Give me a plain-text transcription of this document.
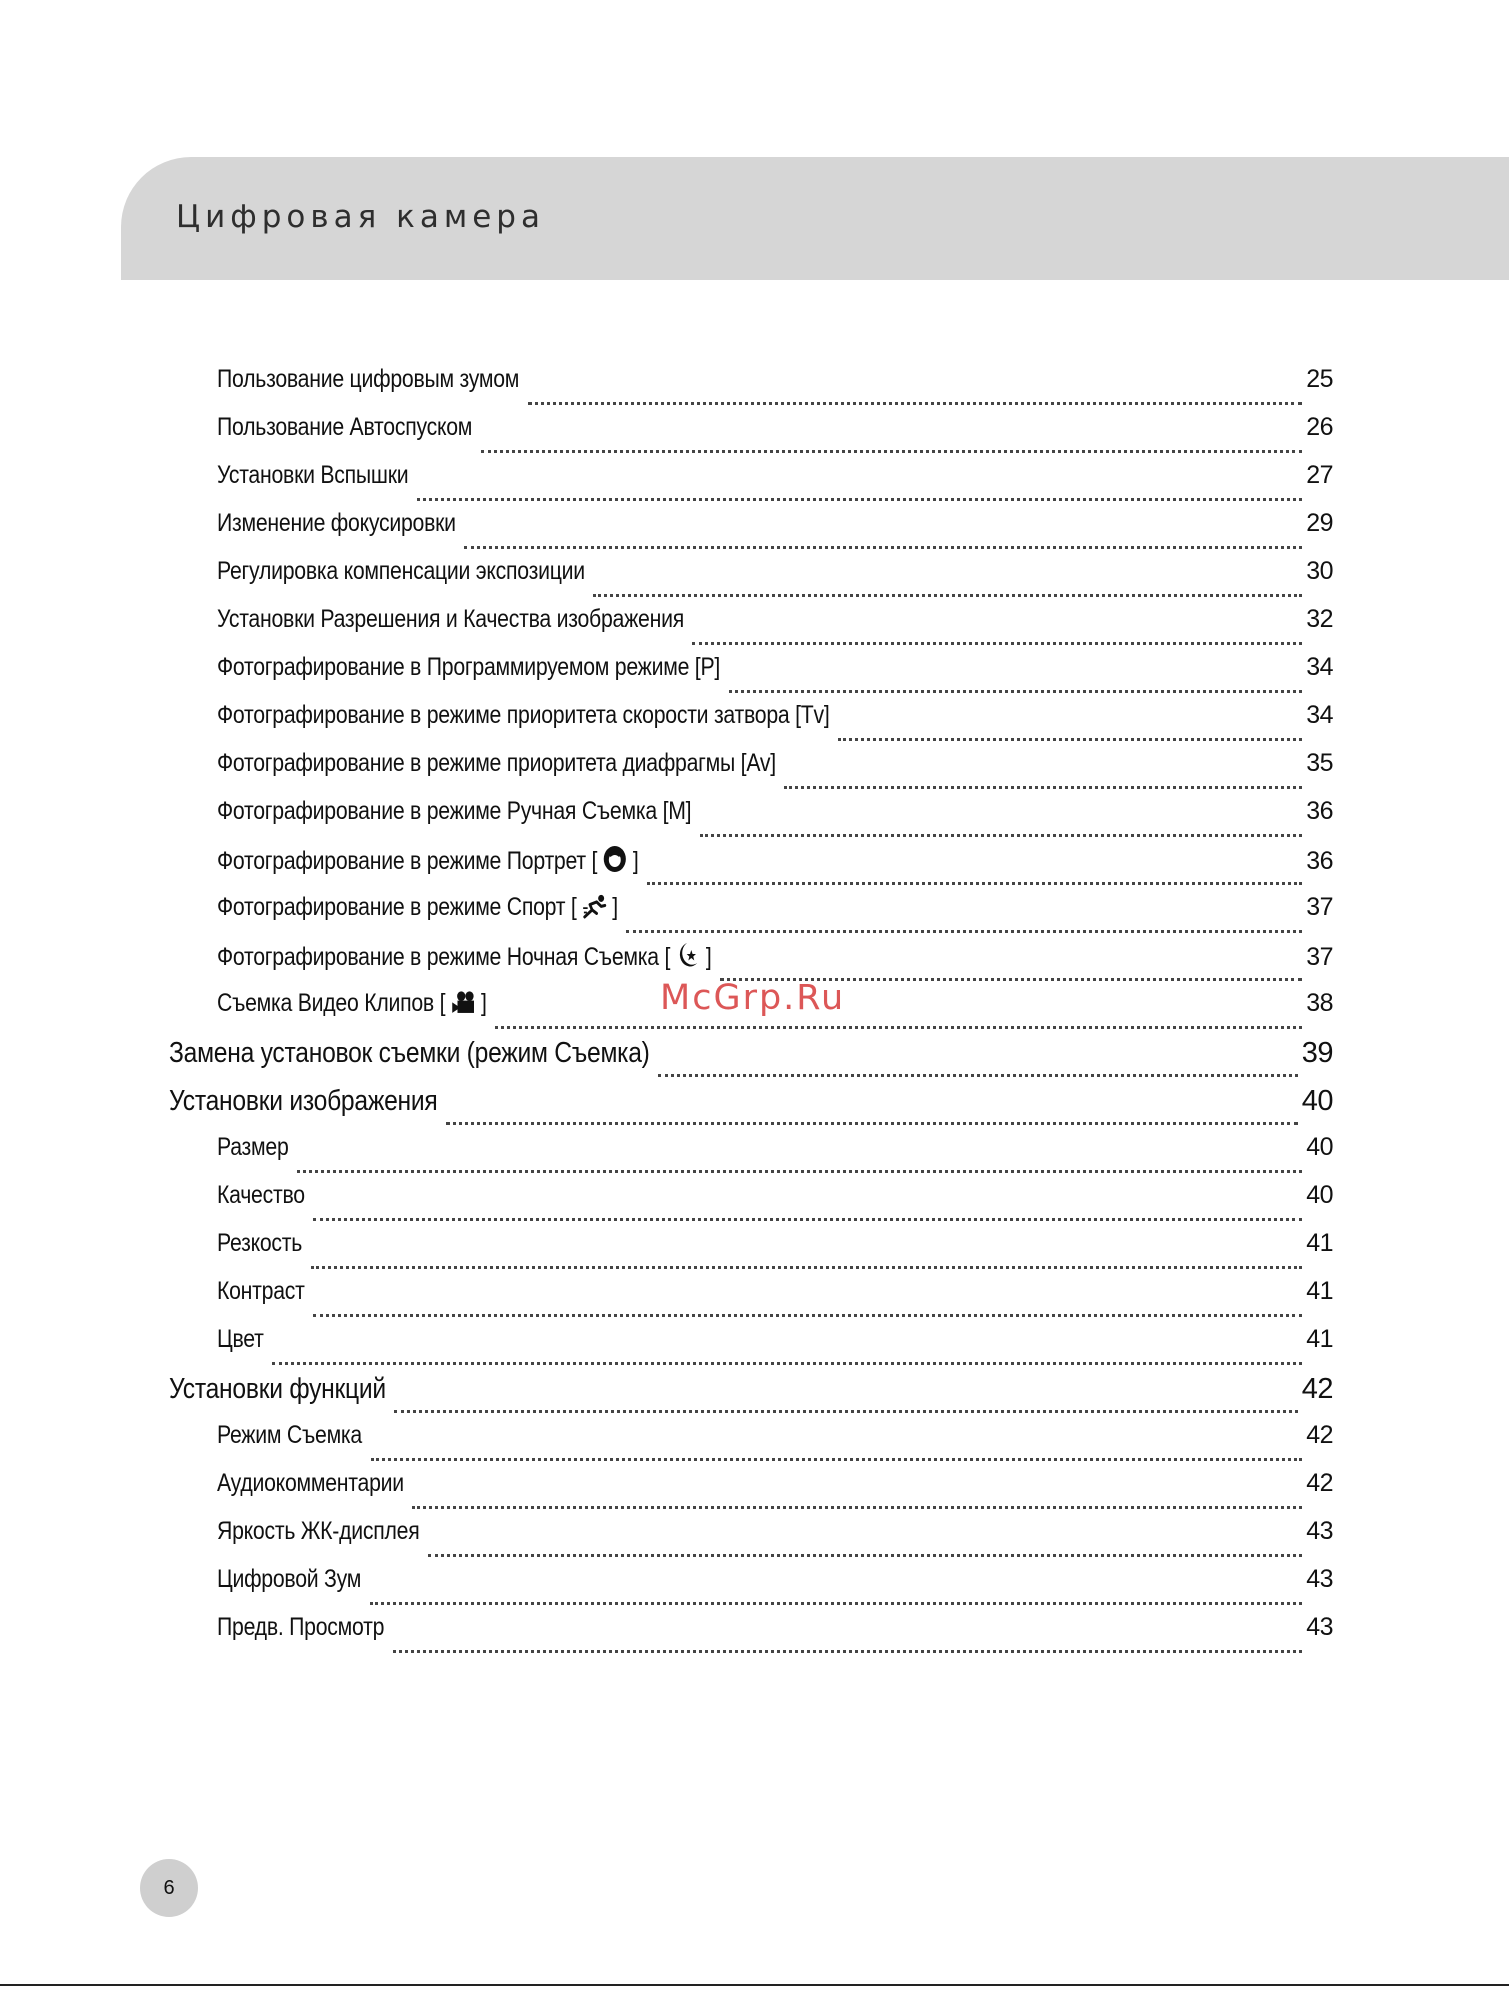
Цифровая камера
Пользование цифровым зумом	25
Пользование Автоспуском	26
Установки Вспышки	27
Изменение фокусировки	29
Регулировка компенсации экспозиции	30
Установки Разрешения и Качества изображения	32
Фотографирование в Программируемом режиме [P]	34
Фотографирование в режиме приоритета скорости затвора [Tv]	34
Фотографирование в режиме приоритета диафрагмы [Av]	35
Фотографирование в режиме Ручная Съемка [M]	36
Фотографирование в режиме Портрет [ ]	36
Фотографирование в режиме Спорт [ ]	37
Фотографирование в режиме Ночная Съемка [ ]	37
Съемка Видео Клипов [ ]	38
Замена установок съемки (режим Съемка)	39
Установки изображения	40
Размер	40
Качество	40
Резкость	41
Контраст	41
Цвет	41
Установки функций	42
Режим Съемка	42
Аудиокомментарии	42
Яркость ЖК-дисплея	43
Цифровой Зум	43
Предв. Просмотр	43
McGrp.Ru
6
